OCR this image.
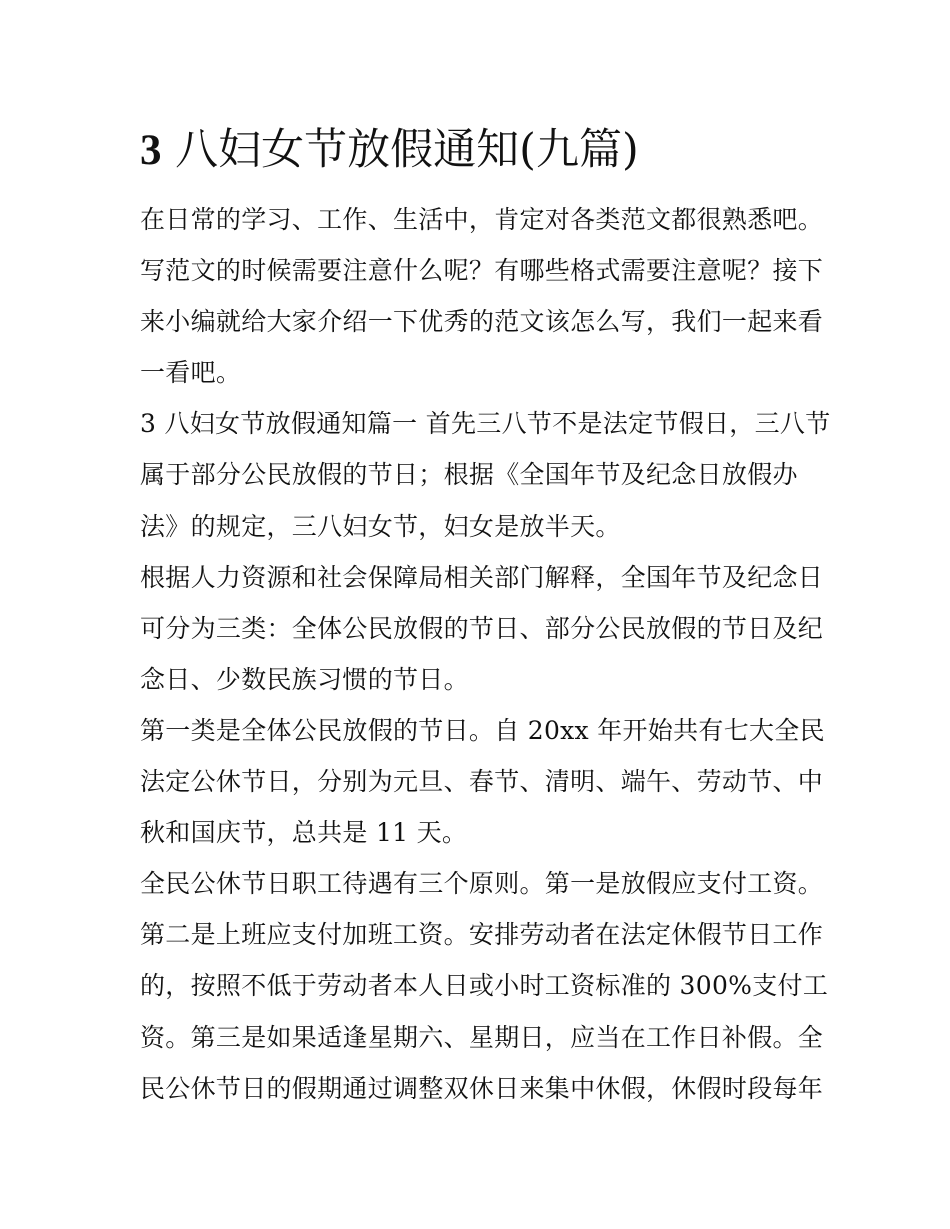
3 八妇女节放假通知(九篇)
在日常的学习、工作、生活中，肯定对各类范文都很熟悉吧。
写范文的时候需要注意什么呢？有哪些格式需要注意呢？接下
来小编就给大家介绍一下优秀的范文该怎么写，我们一起来看
一看吧。
3 八妇女节放假通知篇一 首先三八节不是法定节假日，三八节
属于部分公民放假的节日；根据《全国年节及纪念日放假办
法》的规定，三八妇女节，妇女是放半天。
根据人力资源和社会保障局相关部门解释，全国年节及纪念日
可分为三类：全体公民放假的节日、部分公民放假的节日及纪
念日、少数民族习惯的节日。
第一类是全体公民放假的节日。自 20xx 年开始共有七大全民
法定公休节日，分别为元旦、春节、清明、端午、劳动节、中
秋和国庆节，总共是 11 天。
全民公休节日职工待遇有三个原则。第一是放假应支付工资。
第二是上班应支付加班工资。安排劳动者在法定休假节日工作
的，按照不低于劳动者本人日或小时工资标准的 300%支付工
资。第三是如果适逢星期六、星期日，应当在工作日补假。全
民公休节日的假期通过调整双休日来集中休假，休假时段每年
